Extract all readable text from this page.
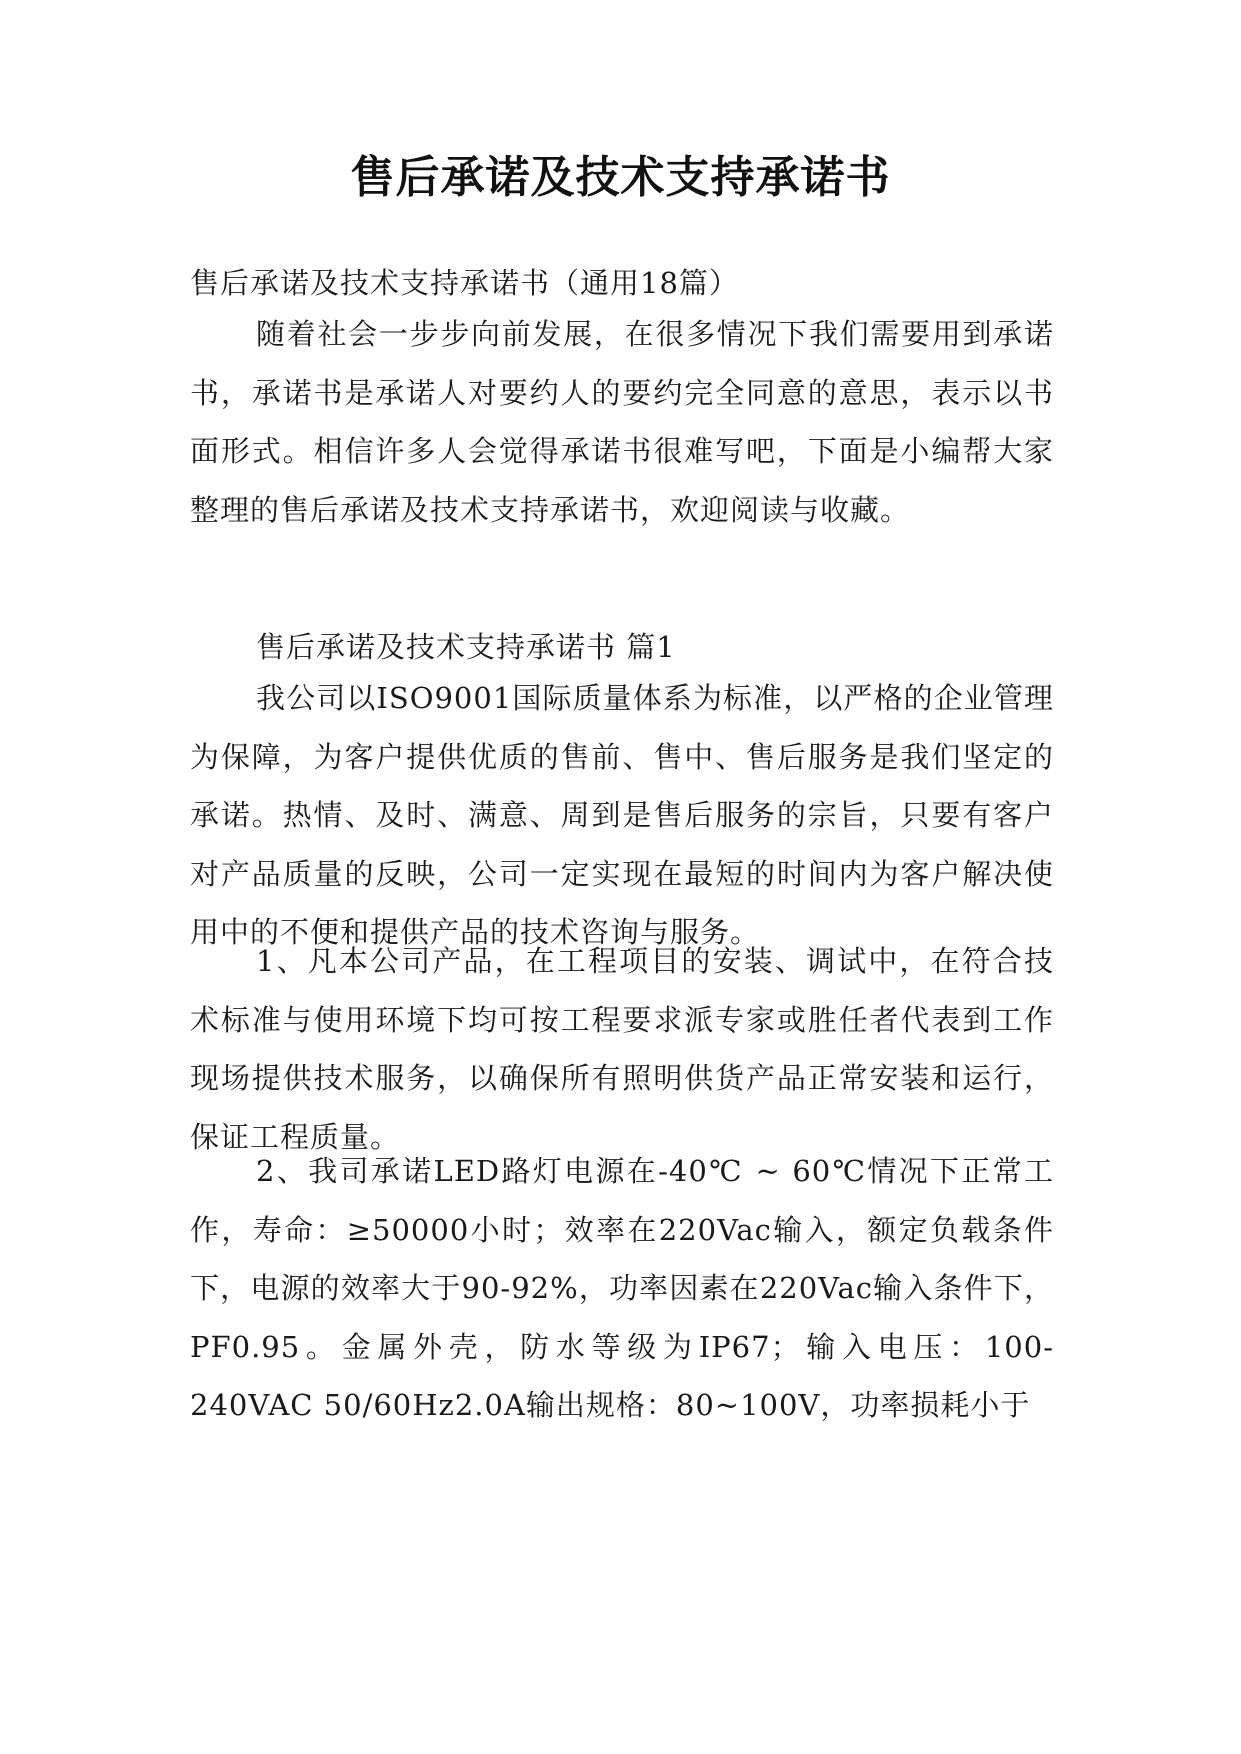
售后承诺及技术支持承诺书

售后承诺及技术支持承诺书（通用18篇）

随着社会一步步向前发展，在很多情况下我们需要用到承诺书，承诺书是承诺人对要约人的要约完全同意的意思，表示以书面形式。相信许多人会觉得承诺书很难写吧，下面是小编帮大家整理的售后承诺及技术支持承诺书，欢迎阅读与收藏。

售后承诺及技术支持承诺书 篇1

我公司以ISO9001国际质量体系为标准，以严格的企业管理为保障，为客户提供优质的售前、售中、售后服务是我们坚定的承诺。热情、及时、满意、周到是售后服务的宗旨，只要有客户对产品质量的反映，公司一定实现在最短的时间内为客户解决使用中的不便和提供产品的技术咨询与服务。

1、凡本公司产品，在工程项目的安装、调试中，在符合技术标准与使用环境下均可按工程要求派专家或胜任者代表到工作现场提供技术服务，以确保所有照明供货产品正常安装和运行，保证工程质量。

2、我司承诺LED路灯电源在-40℃ ~ 60℃情况下正常工作，寿命：≥50000小时；效率在220Vac输入，额定负载条件下，电源的效率大于90-92%，功率因素在220Vac输入条件下，PF0.95。金属外壳，防水等级为IP67；输入电压：100-240VAC 50/60Hz2.0A输出规格：80~100V，功率损耗小于
